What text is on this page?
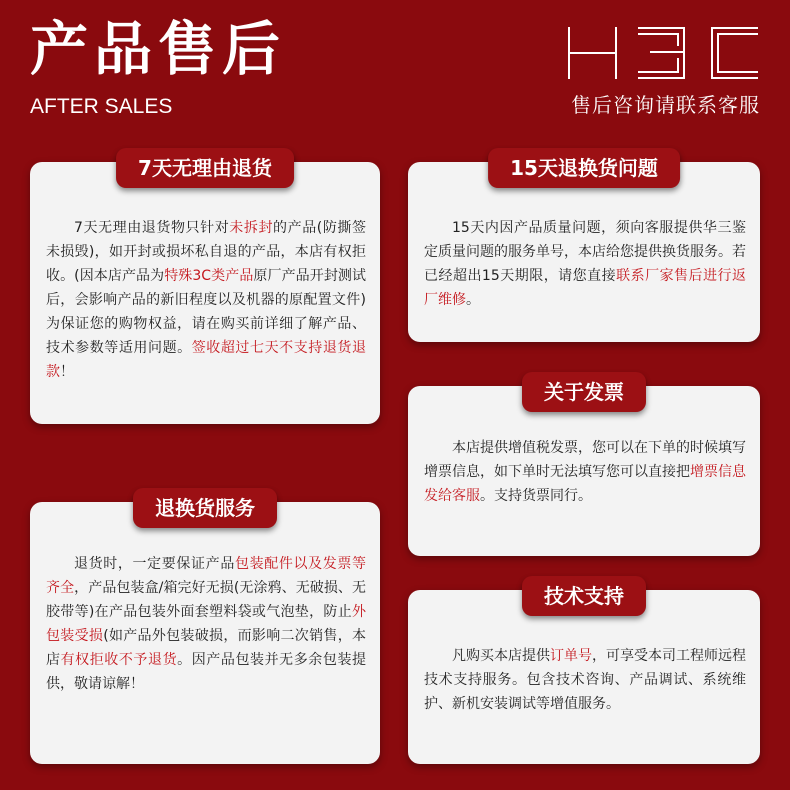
产品售后
AFTER SALES	售后咨询请联系客服
7天无理由退货
7天无理由退货物只针对未拆封的产品(防撕签未损毁)，如开封或损坏私自退的产品，本店有权拒收。(因本店产品为特殊3C类产品原厂产品开封测试后，会影响产品的新旧程度以及机器的原配置文件)为保证您的购物权益，请在购买前详细了解产品、技术参数等适用问题。签收超过七天不支持退货退款！
15天退换货问题
15天内因产品质量问题，须向客服提供华三鉴定质量问题的服务单号，本店给您提供换货服务。若已经超出15天期限，请您直接联系厂家售后进行返厂维修。
关于发票
本店提供增值税发票，您可以在下单的时候填写增票信息，如下单时无法填写您可以直接把增票信息发给客服。支持货票同行。
退换货服务
退货时，一定要保证产品包装配件以及发票等齐全，产品包装盒/箱完好无损(无涂鸦、无破损、无胶带等)在产品包装外面套塑料袋或气泡垫，防止外包装受损(如产品外包装破损，而影响二次销售，本店有权拒收不予退货。因产品包装并无多余包装提供，敬请谅解！
技术支持
凡购买本店提供订单号，可享受本司工程师远程技术支持服务。包含技术咨询、产品调试、系统维护、新机安装调试等增值服务。
